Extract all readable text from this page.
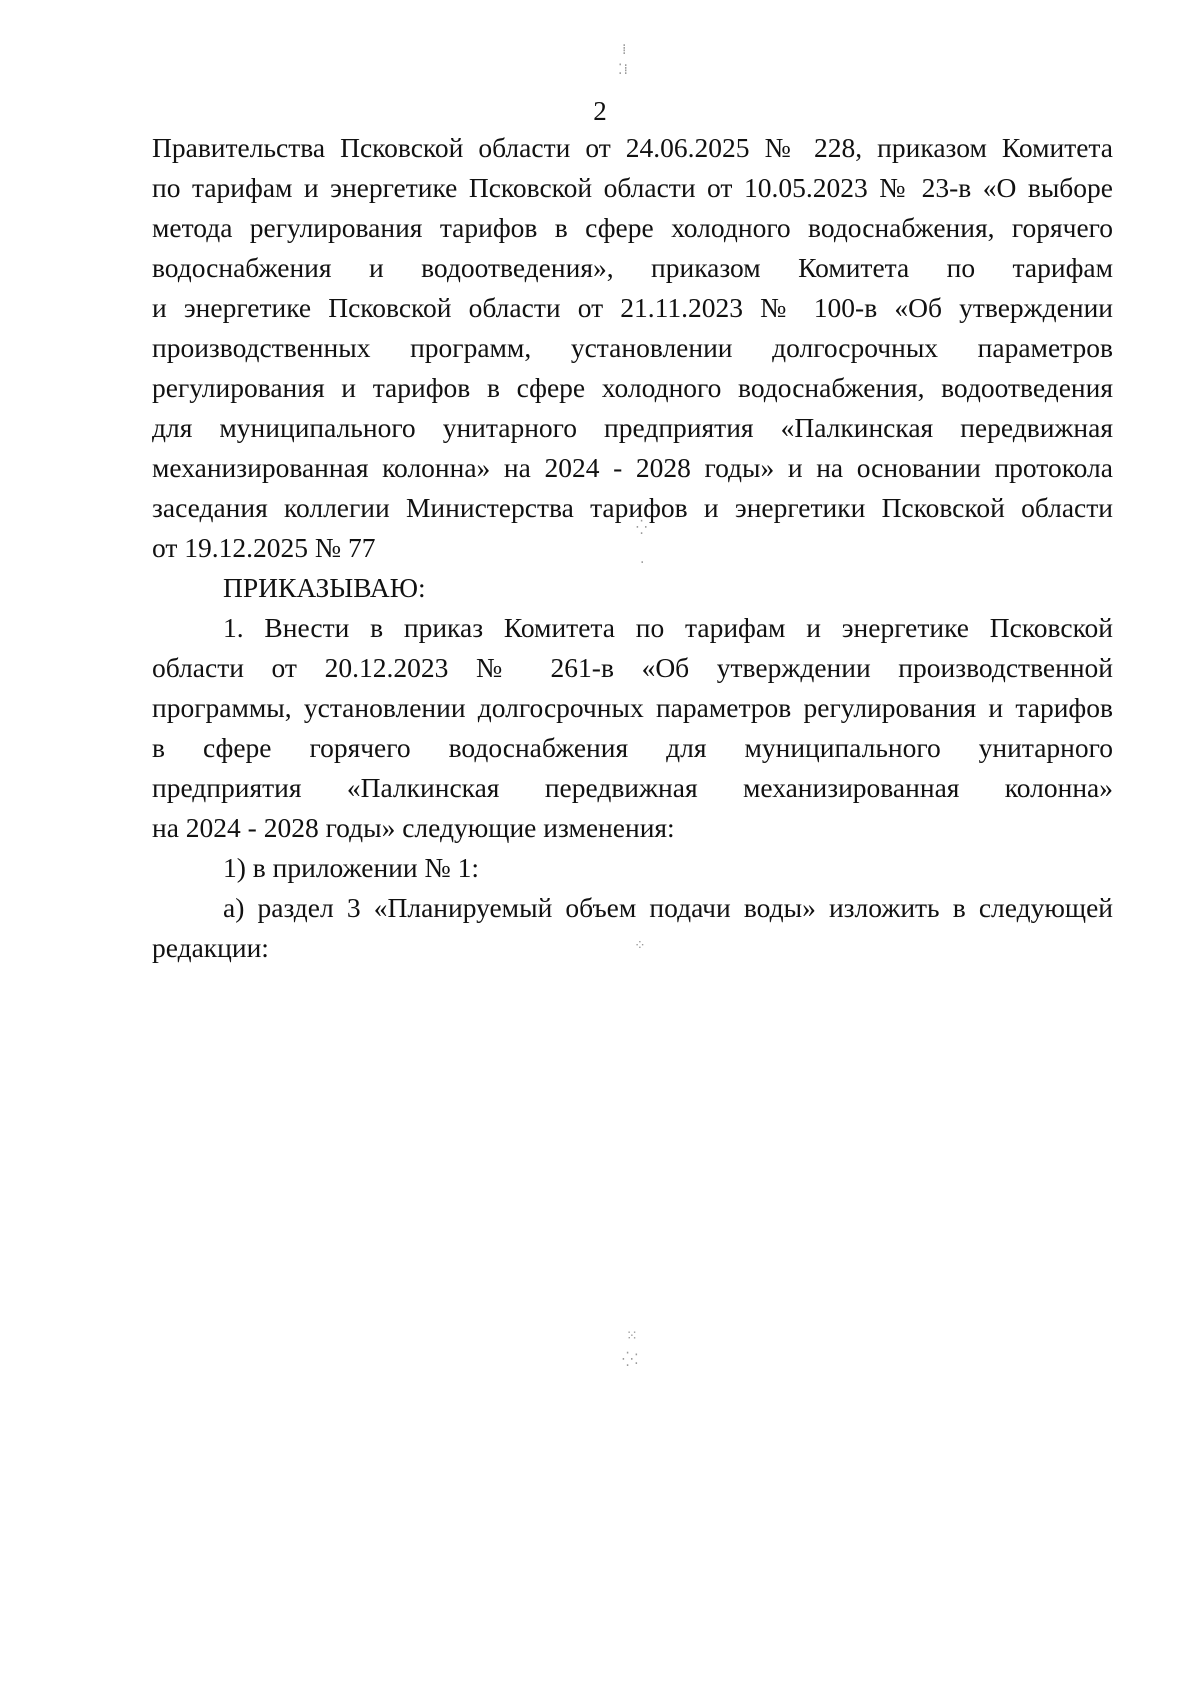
2

Правительства Псковской области от 24.06.2025 № 228, приказом Комитета

по тарифам и энергетике Псковской области от 10.05.2023 № 23-в «О выборе

метода регулирования тарифов в сфере холодного водоснабжения, горячего

водоснабжения и водоотведения», приказом Комитета по тарифам

и энергетике Псковской области от 21.11.2023 № 100-в «Об утверждении

производственных программ, установлении долгосрочных параметров

регулирования и тарифов в сфере холодного водоснабжения, водоотведения

для муниципального унитарного предприятия «Палкинская передвижная

механизированная колонна» на 2024 - 2028 годы» и на основании протокола

заседания коллегии Министерства тарифов и энергетики Псковской области

от 19.12.2025 № 77

ПРИКАЗЫВАЮ:

1. Внести в приказ Комитета по тарифам и энергетике Псковской

области от 20.12.2023 № 261-в «Об утверждении производственной

программы, установлении долгосрочных параметров регулирования и тарифов

в сфере горячего водоснабжения для муниципального унитарного

предприятия «Палкинская передвижная механизированная колонна»

на 2024 - 2028 годы» следующие изменения:

1) в приложении № 1:

а) раздел 3 «Планируемый объем подачи воды» изложить в следующей

редакции:

⁞
⁚⁞
⁛
·
⁘
⁙
⁛⁚
